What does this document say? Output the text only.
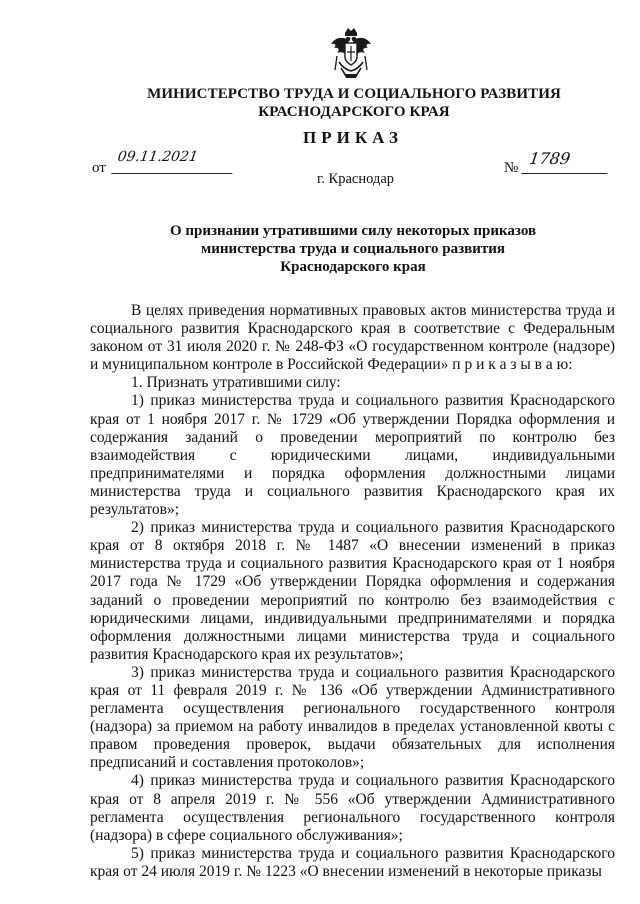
МИНИСТЕРСТВО ТРУДА И СОЦИАЛЬНОГО РАЗВИТИЯ
КРАСНОДАРСКОГО КРАЯ
ПРИКАЗ
от
09.11.2021
г. Краснодар
№ 1789
О признании утратившими силу некоторых приказов
министерства труда и социального развития
Краснодарского края

В целях приведения нормативных правовых актов министерства труда и социального развития Краснодарского края в соответствие с Федеральным законом от 31 июля 2020 г. № 248-ФЗ «О государственном контроле (надзоре) и муниципальном контроле в Российской Федерации» п р и к а з ы в а ю:

1. Признать утратившими силу:

1) приказ министерства труда и социального развития Краснодарского края от 1 ноября 2017 г. № 1729 «Об утверждении Порядка оформления и содержания заданий о проведении мероприятий по контролю без взаимодействия с юридическими лицами, индивидуальными предпринимателями и порядка оформления должностными лицами министерства труда и социального развития Краснодарского края их результатов»;

2) приказ министерства труда и социального развития Краснодарского края от 8 октября 2018 г. № 1487 «О внесении изменений в приказ министерства труда и социального развития Краснодарского края от 1 ноября 2017 года № 1729 «Об утверждении Порядка оформления и содержания заданий о проведении мероприятий по контролю без взаимодействия с юридическими лицами, индивидуальными предпринимателями и порядка оформления должностными лицами министерства труда и социального развития Краснодарского края их результатов»;

3) приказ министерства труда и социального развития Краснодарского края от 11 февраля 2019 г. № 136 «Об утверждении Административного регламента осуществления регионального государственного контроля (надзора) за приемом на работу инвалидов в пределах установленной квоты с правом проведения проверок, выдачи обязательных для исполнения предписаний и составления протоколов»;

4) приказ министерства труда и социального развития Краснодарского края от 8 апреля 2019 г. № 556 «Об утверждении Административного регламента осуществления регионального государственного контроля (надзора) в сфере социального обслуживания»;

5) приказ министерства труда и социального развития Краснодарского края от 24 июля 2019 г. № 1223 «О внесении изменений в некоторые приказы
